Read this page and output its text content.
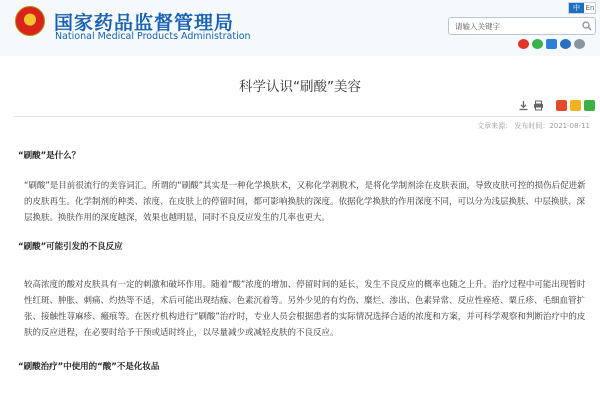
★
国家药品监督管理局
National Medical Products Administration
中 En
请输入关键字
科学认识“刷酸”美容
文章来源： 发布时间：2021-08-11
“刷酸”是什么？
“刷酸”是目前很流行的美容词汇。所谓的“刷酸”其实是一种化学换肤术，又称化学剥脱术，是将化学制剂涂在皮肤表面，导致皮肤可控的损伤后促进新的皮肤再生。化学制剂的种类、浓度、在皮肤上的停留时间，都可影响换肤的深度。依据化学换肤的作用深度不同，可以分为浅层换肤、中层换肤、深层换肤。换肤作用的深度越深，效果也越明显，同时不良反应发生的几率也更大。
“刷酸”可能引发的不良反应
较高浓度的酸对皮肤具有一定的刺激和破坏作用。随着“酸”浓度的增加、停留时间的延长，发生不良反应的概率也随之上升。治疗过程中可能出现暂时性红斑、肿胀、刺痛、灼热等不适，术后可能出现结痂、色素沉着等。另外少见的有灼伤、糜烂、渗出、色素异常、反应性痤疮、粟丘疹、毛细血管扩张、接触性荨麻疹、瘢痕等。在医疗机构进行“刷酸”治疗时，专业人员会根据患者的实际情况选择合适的浓度和方案，并可科学观察和判断治疗中的皮肤的反应进程，在必要时给予干预或适时终止，以尽量减少或减轻皮肤的不良反应。
“刷酸治疗”中使用的“酸”不是化妆品
